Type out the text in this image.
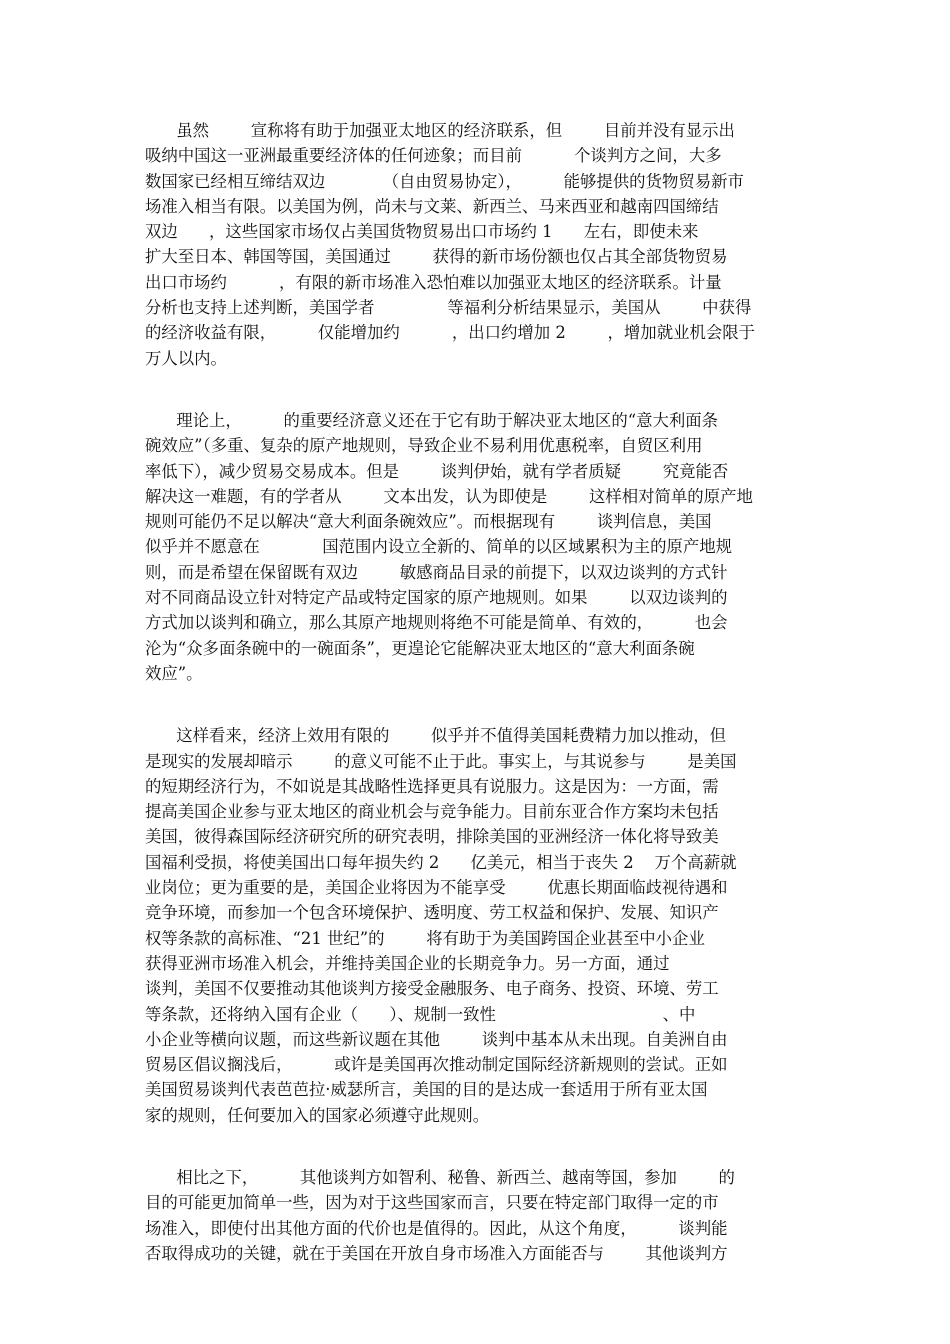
虽然        宣称将有助于加强亚太地区的经济联系，但        目前并没有显示出
吸纳中国这一亚洲最重要经济体的任何迹象；而目前          个谈判方之间，大多
数国家已经相互缔结双边           （自由贸易协定），        能够提供的货物贸易新市
场准入相当有限。以美国为例，尚未与文莱、新西兰、马来西亚和越南四国缔结
双边      ，这些国家市场仅占美国货物贸易出口市场约 1      左右，即使未来
扩大至日本、韩国等国，美国通过        获得的新市场份额也仅占其全部货物贸易
出口市场约          ，有限的新市场准入恐怕难以加强亚太地区的经济联系。计量
分析也支持上述判断，美国学者              等福利分析结果显示，美国从        中获得
的经济收益有限，        仅能增加约          ，出口约增加 2        ，增加就业机会限于
万人以内。
理论上，        的重要经济意义还在于它有助于解决亚太地区的“意大利面条
碗效应”（多重、复杂的原产地规则，导致企业不易利用优惠税率，自贸区利用
率低下），减少贸易交易成本。但是        谈判伊始，就有学者质疑        究竟能否
解决这一难题，有的学者从        文本出发，认为即使是        这样相对简单的原产地
规则可能仍不足以解决“意大利面条碗效应”。而根据现有        谈判信息，美国
似乎并不愿意在            国范围内设立全新的、简单的以区域累积为主的原产地规
则，而是希望在保留既有双边        敏感商品目录的前提下，以双边谈判的方式针
对不同商品设立针对特定产品或特定国家的原产地规则。如果        以双边谈判的
方式加以谈判和确立，那么其原产地规则将绝不可能是简单、有效的，        也会
沦为“众多面条碗中的一碗面条”，更遑论它能解决亚太地区的“意大利面条碗
效应”。
这样看来，经济上效用有限的        似乎并不值得美国耗费精力加以推动，但
是现实的发展却暗示        的意义可能不止于此。事实上，与其说参与        是美国
的短期经济行为，不如说是其战略性选择更具有说服力。这是因为：一方面，需
提高美国企业参与亚太地区的商业机会与竞争能力。目前东亚合作方案均未包括
美国，彼得森国际经济研究所的研究表明，排除美国的亚洲经济一体化将导致美
国福利受损，将使美国出口每年损失约 2      亿美元，相当于丧失 2    万个高薪就
业岗位；更为重要的是，美国企业将因为不能享受        优惠长期面临歧视待遇和
竞争环境，而参加一个包含环境保护、透明度、劳工权益和保护、发展、知识产
权等条款的高标准、“21 世纪”的        将有助于为美国跨国企业甚至中小企业
获得亚洲市场准入机会，并维持美国企业的长期竞争力。另一方面，通过
谈判，美国不仅要推动其他谈判方接受金融服务、电子商务、投资、环境、劳工
等条款，还将纳入国有企业（      ）、规制一致性                                、中
小企业等横向议题，而这些新议题在其他        谈判中基本从未出现。自美洲自由
贸易区倡议搁浅后，        或许是美国再次推动制定国际经济新规则的尝试。正如
美国贸易谈判代表芭芭拉·威瑟所言，美国的目的是达成一套适用于所有亚太国
家的规则，任何要加入的国家必须遵守此规则。
相比之下，        其他谈判方如智利、秘鲁、新西兰、越南等国，参加        的
目的可能更加简单一些，因为对于这些国家而言，只要在特定部门取得一定的市
场准入，即使付出其他方面的代价也是值得的。因此，从这个角度，        谈判能
否取得成功的关键，就在于美国在开放自身市场准入方面能否与        其他谈判方
